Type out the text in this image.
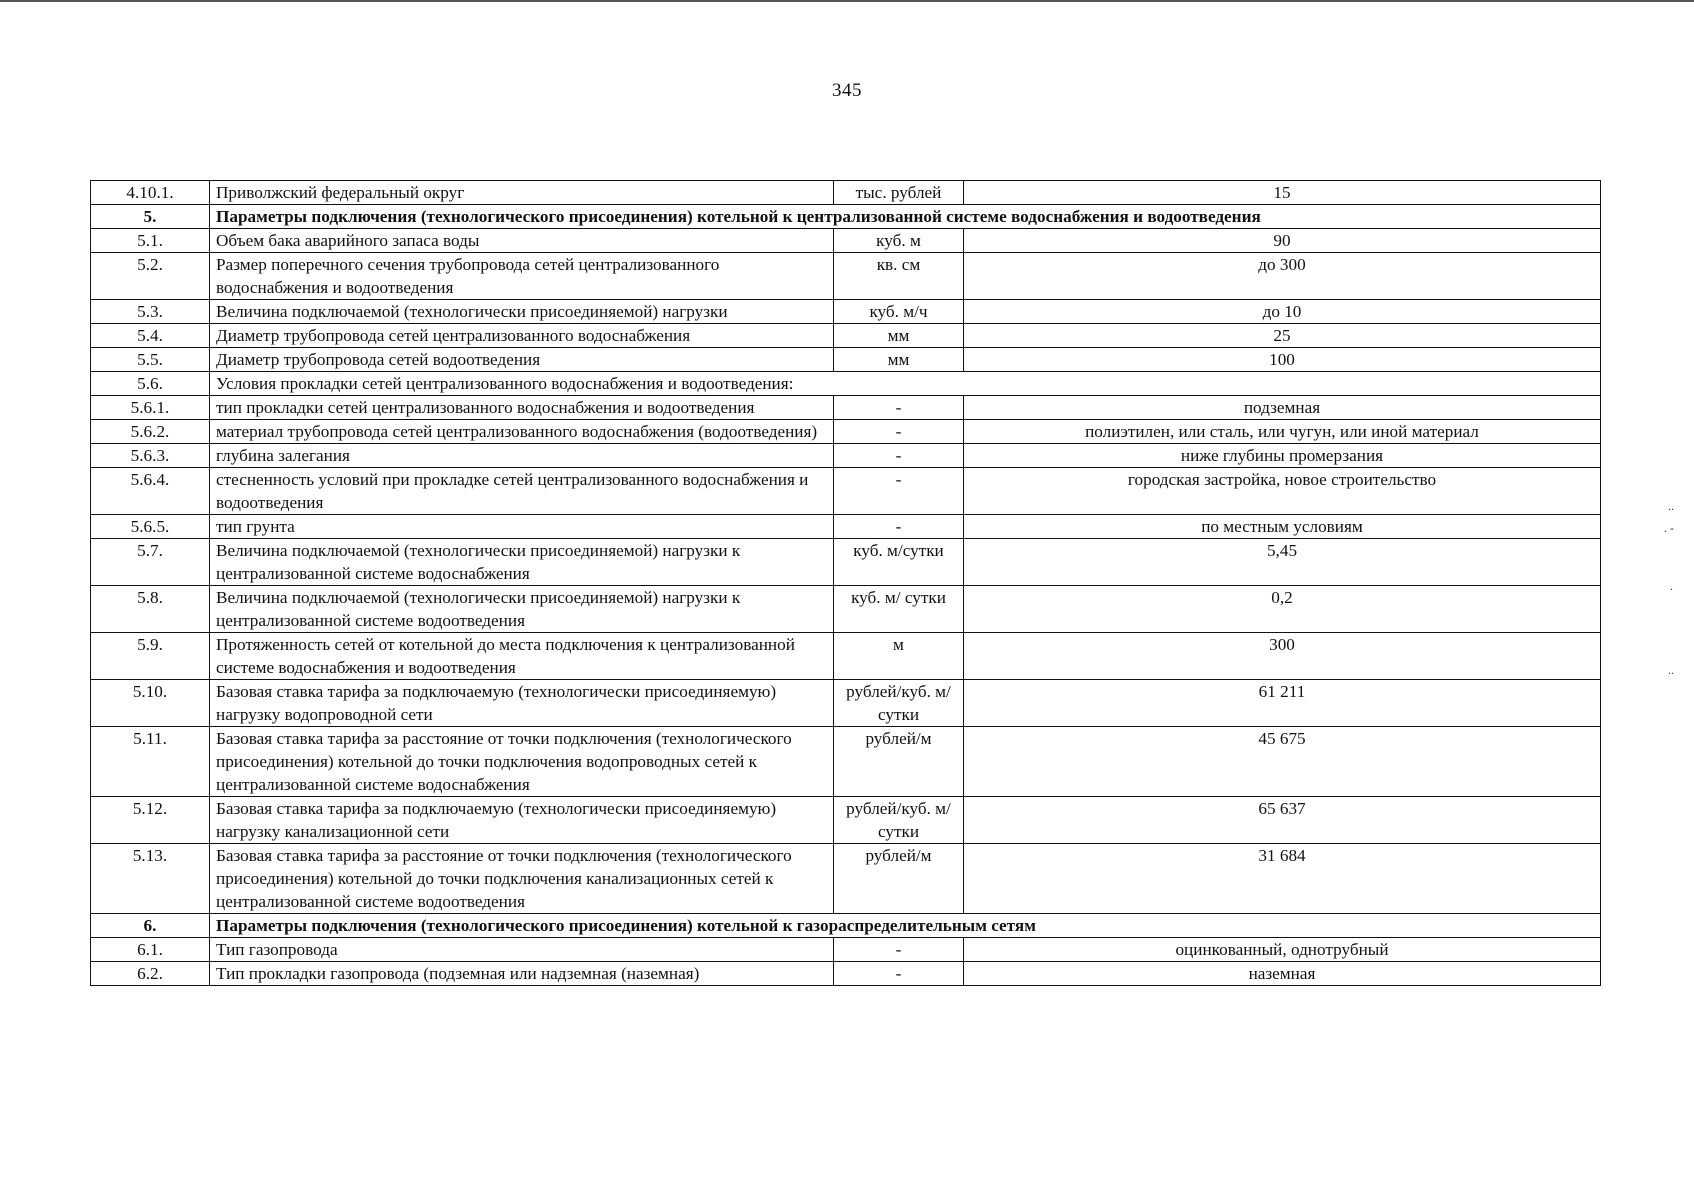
345
4.10.1.	Приволжский федеральный округ	тыс. рублей	15
5.	Параметры подключения (технологического присоединения) котельной к централизованной системе водоснабжения и водоотведения		
5.1.	Объем бака аварийного запаса воды	куб. м	90
5.2.	Размер поперечного сечения трубопровода сетей централизованного водоснабжения и водоотведения	кв. см	до 300
5.3.	Величина подключаемой (технологически присоединяемой) нагрузки	куб. м/ч	до 10
5.4.	Диаметр трубопровода сетей централизованного водоснабжения	мм	25
5.5.	Диаметр трубопровода сетей водоотведения	мм	100
5.6.	Условия прокладки сетей централизованного водоснабжения и водоотведения:		
5.6.1.	тип прокладки сетей централизованного водоснабжения и водоотведения	-	подземная
5.6.2.	материал трубопровода сетей централизованного водоснабжения (водоотведения)	-	полиэтилен, или сталь, или чугун, или иной материал
5.6.3.	глубина залегания	-	ниже глубины промерзания
5.6.4.	стесненность условий при прокладке сетей централизованного водоснабжения и водоотведения	-	городская застройка, новое строительство
5.6.5.	тип грунта	-	по местным условиям
5.7.	Величина подключаемой (технологически присоединяемой) нагрузки к централизованной системе водоснабжения	куб. м/сутки	5,45
5.8.	Величина подключаемой (технологически присоединяемой) нагрузки к централизованной системе водоотведения	куб. м/ сутки	0,2
5.9.	Протяженность сетей от котельной до места подключения к централизованной системе водоснабжения и водоотведения	м	300
5.10.	Базовая ставка тарифа за подключаемую (технологически присоединяемую) нагрузку водопроводной сети	рублей/куб. м/сутки	61 211
5.11.	Базовая ставка тарифа за расстояние от точки подключения (технологического присоединения) котельной до точки подключения водопроводных сетей к централизованной системе водоснабжения	рублей/м	45 675
5.12.	Базовая ставка тарифа за подключаемую (технологически присоединяемую) нагрузку канализационной сети	рублей/куб. м/сутки	65 637
5.13.	Базовая ставка тарифа за расстояние от точки подключения (технологического присоединения) котельной до точки подключения канализационных сетей к централизованной системе водоотведения	рублей/м	31 684
6.	Параметры подключения (технологического присоединения) котельной к газораспределительным сетям		
6.1.	Тип газопровода	-	оцинкованный, однотрубный
6.2.	Тип прокладки газопровода (подземная или надземная (наземная)	-	наземная
..
. -
.
..
